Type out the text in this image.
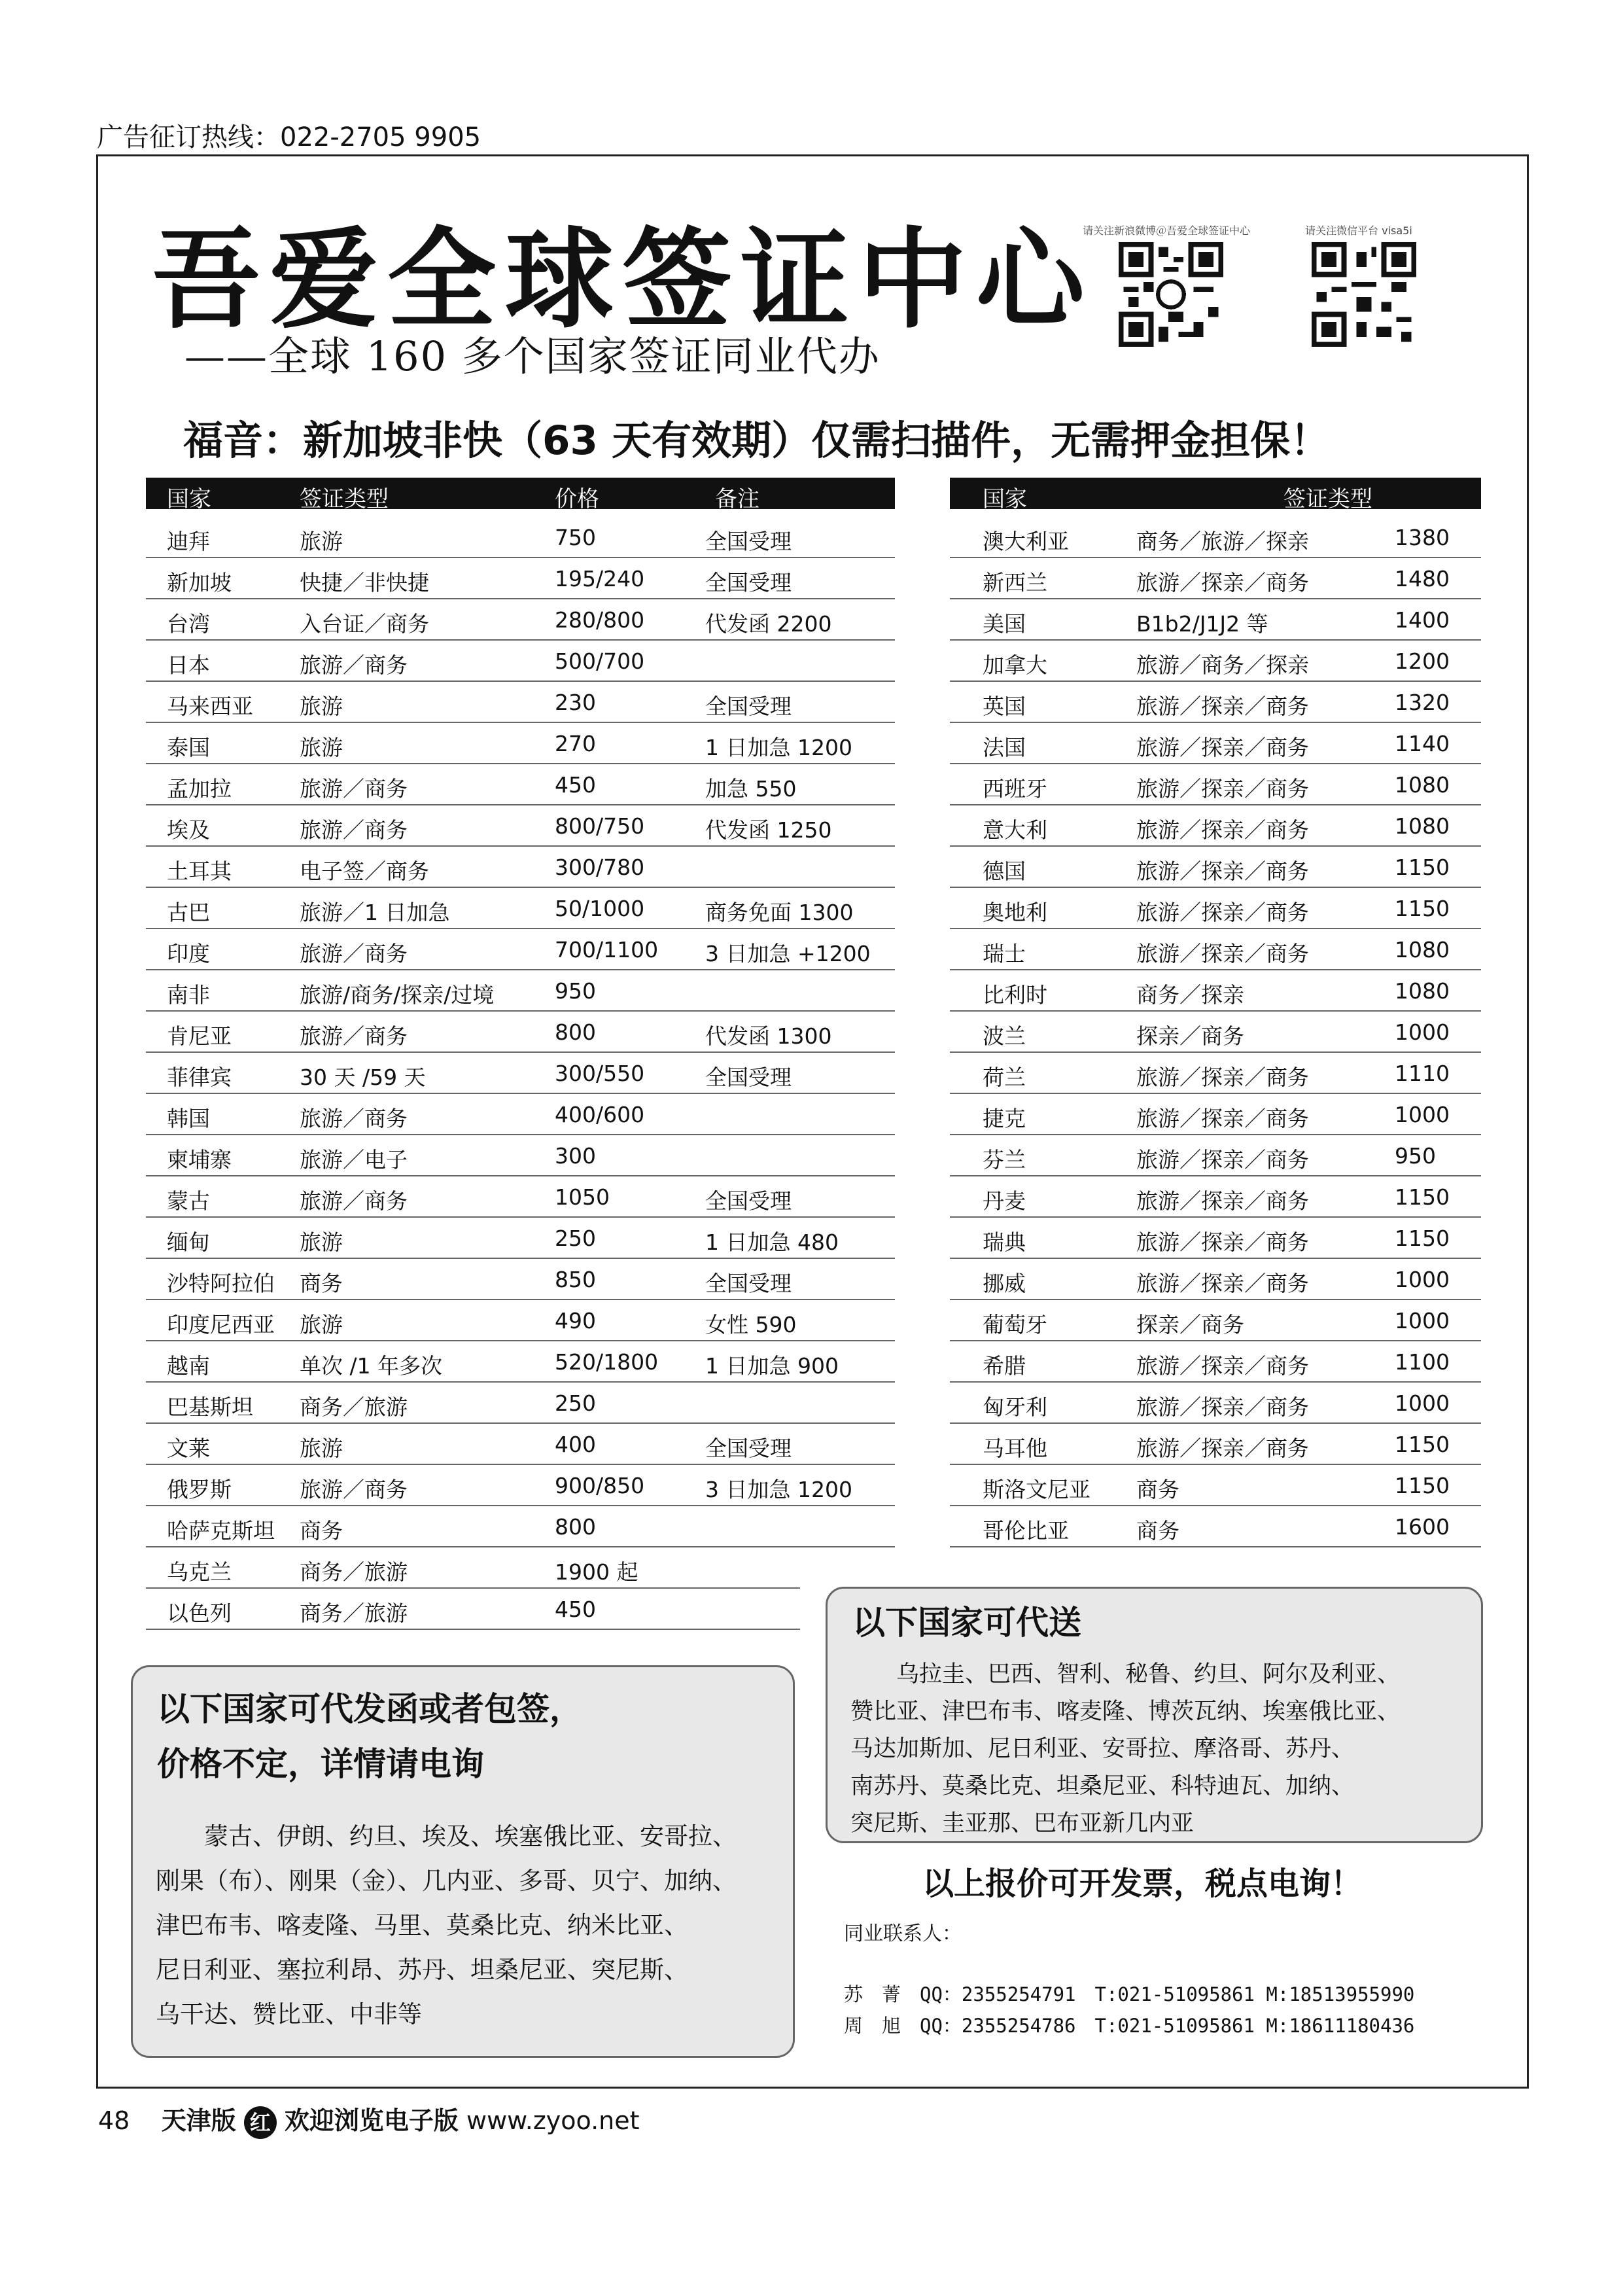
广告征订热线：022-2705 9905
吾爱全球签证中心
——全球 160 多个国家签证同业代办
请关注新浪微博＠吾爱全球签证中心	请关注微信平台 visa5i
福音：新加坡非快（63 天有效期）仅需扫描件，无需押金担保！
国家	签证类型	价格	备注
迪拜	旅游	750	全国受理
新加坡	快捷／非快捷	195/240	全国受理
台湾	入台证／商务	280/800	代发函 2200
日本	旅游／商务	500/700
马来西亚 旅游	230	全国受理
泰国	旅游	270	1 日加急 1200
孟加拉	旅游／商务	450	加急 550
埃及	旅游／商务	800/750	代发函 1250
土耳其	电子签／商务	300/780
古巴	旅游／1 日加急	50/1000	商务免面 1300
印度	旅游／商务	700/1100 3 日加急 +1200
南非	旅游/商务/探亲/过境	950
肯尼亚	旅游／商务	800	代发函 1300
菲律宾	30 天 /59 天	300/550	全国受理
韩国	旅游／商务	400/600
柬埔寨	旅游／电子	300
蒙古	旅游／商务	1050	全国受理
缅甸	旅游	250	1 日加急 480
沙特阿拉伯 商务	850	全国受理
印度尼西亚 旅游	490	女性 590
越南	单次 /1 年多次	520/1800 1 日加急 900
巴基斯坦 商务／旅游	250
文莱	旅游	400	全国受理
俄罗斯	旅游／商务	900/850	3 日加急 1200
哈萨克斯坦 商务	800
乌克兰	商务／旅游	1900 起
以色列	商务／旅游	450
国家	签证类型
澳大利亚	商务／旅游／探亲	1380
新西兰	旅游／探亲／商务	1480
美国	B1b2/J1J2 等	1400
加拿大	旅游／商务／探亲	1200
英国	旅游／探亲／商务	1320
法国	旅游／探亲／商务	1140
西班牙	旅游／探亲／商务	1080
意大利	旅游／探亲／商务	1080
德国	旅游／探亲／商务	1150
奥地利	旅游／探亲／商务	1150
瑞士	旅游／探亲／商务	1080
比利时	商务／探亲	1080
波兰	探亲／商务	1000
荷兰	旅游／探亲／商务	1110
捷克	旅游／探亲／商务	1000
芬兰	旅游／探亲／商务	950
丹麦	旅游／探亲／商务	1150
瑞典	旅游／探亲／商务	1150
挪威	旅游／探亲／商务	1000
葡萄牙	探亲／商务	1000
希腊	旅游／探亲／商务	1100
匈牙利	旅游／探亲／商务	1000
马耳他	旅游／探亲／商务	1150
斯洛文尼亚 商务	1150
哥伦比亚	商务	1600
以下国家可代发函或者包签，
价格不定，详情请电询
　　蒙古、伊朗、约旦、埃及、埃塞俄比亚、安哥拉、
刚果（布）、刚果（金）、几内亚、多哥、贝宁、加纳、
津巴布韦、喀麦隆、马里、莫桑比克、纳米比亚、
尼日利亚、塞拉利昂、苏丹、坦桑尼亚、突尼斯、
乌干达、赞比亚、中非等
以下国家可代送
　　乌拉圭、巴西、智利、秘鲁、约旦、阿尔及利亚、
赞比亚、津巴布韦、喀麦隆、博茨瓦纳、埃塞俄比亚、
马达加斯加、尼日利亚、安哥拉、摩洛哥、苏丹、
南苏丹、莫桑比克、坦桑尼亚、科特迪瓦、加纳、
突尼斯、圭亚那、巴布亚新几内亚
以上报价可开发票，税点电询！
同业联系人：
苏　菁　QQ：2355254791　T:021-51095861 M:18513955990
周　旭　QQ：2355254786　T:021-51095861 M:18611180436
48 天津版 红 欢迎浏览电子版 www.zyoo.net
